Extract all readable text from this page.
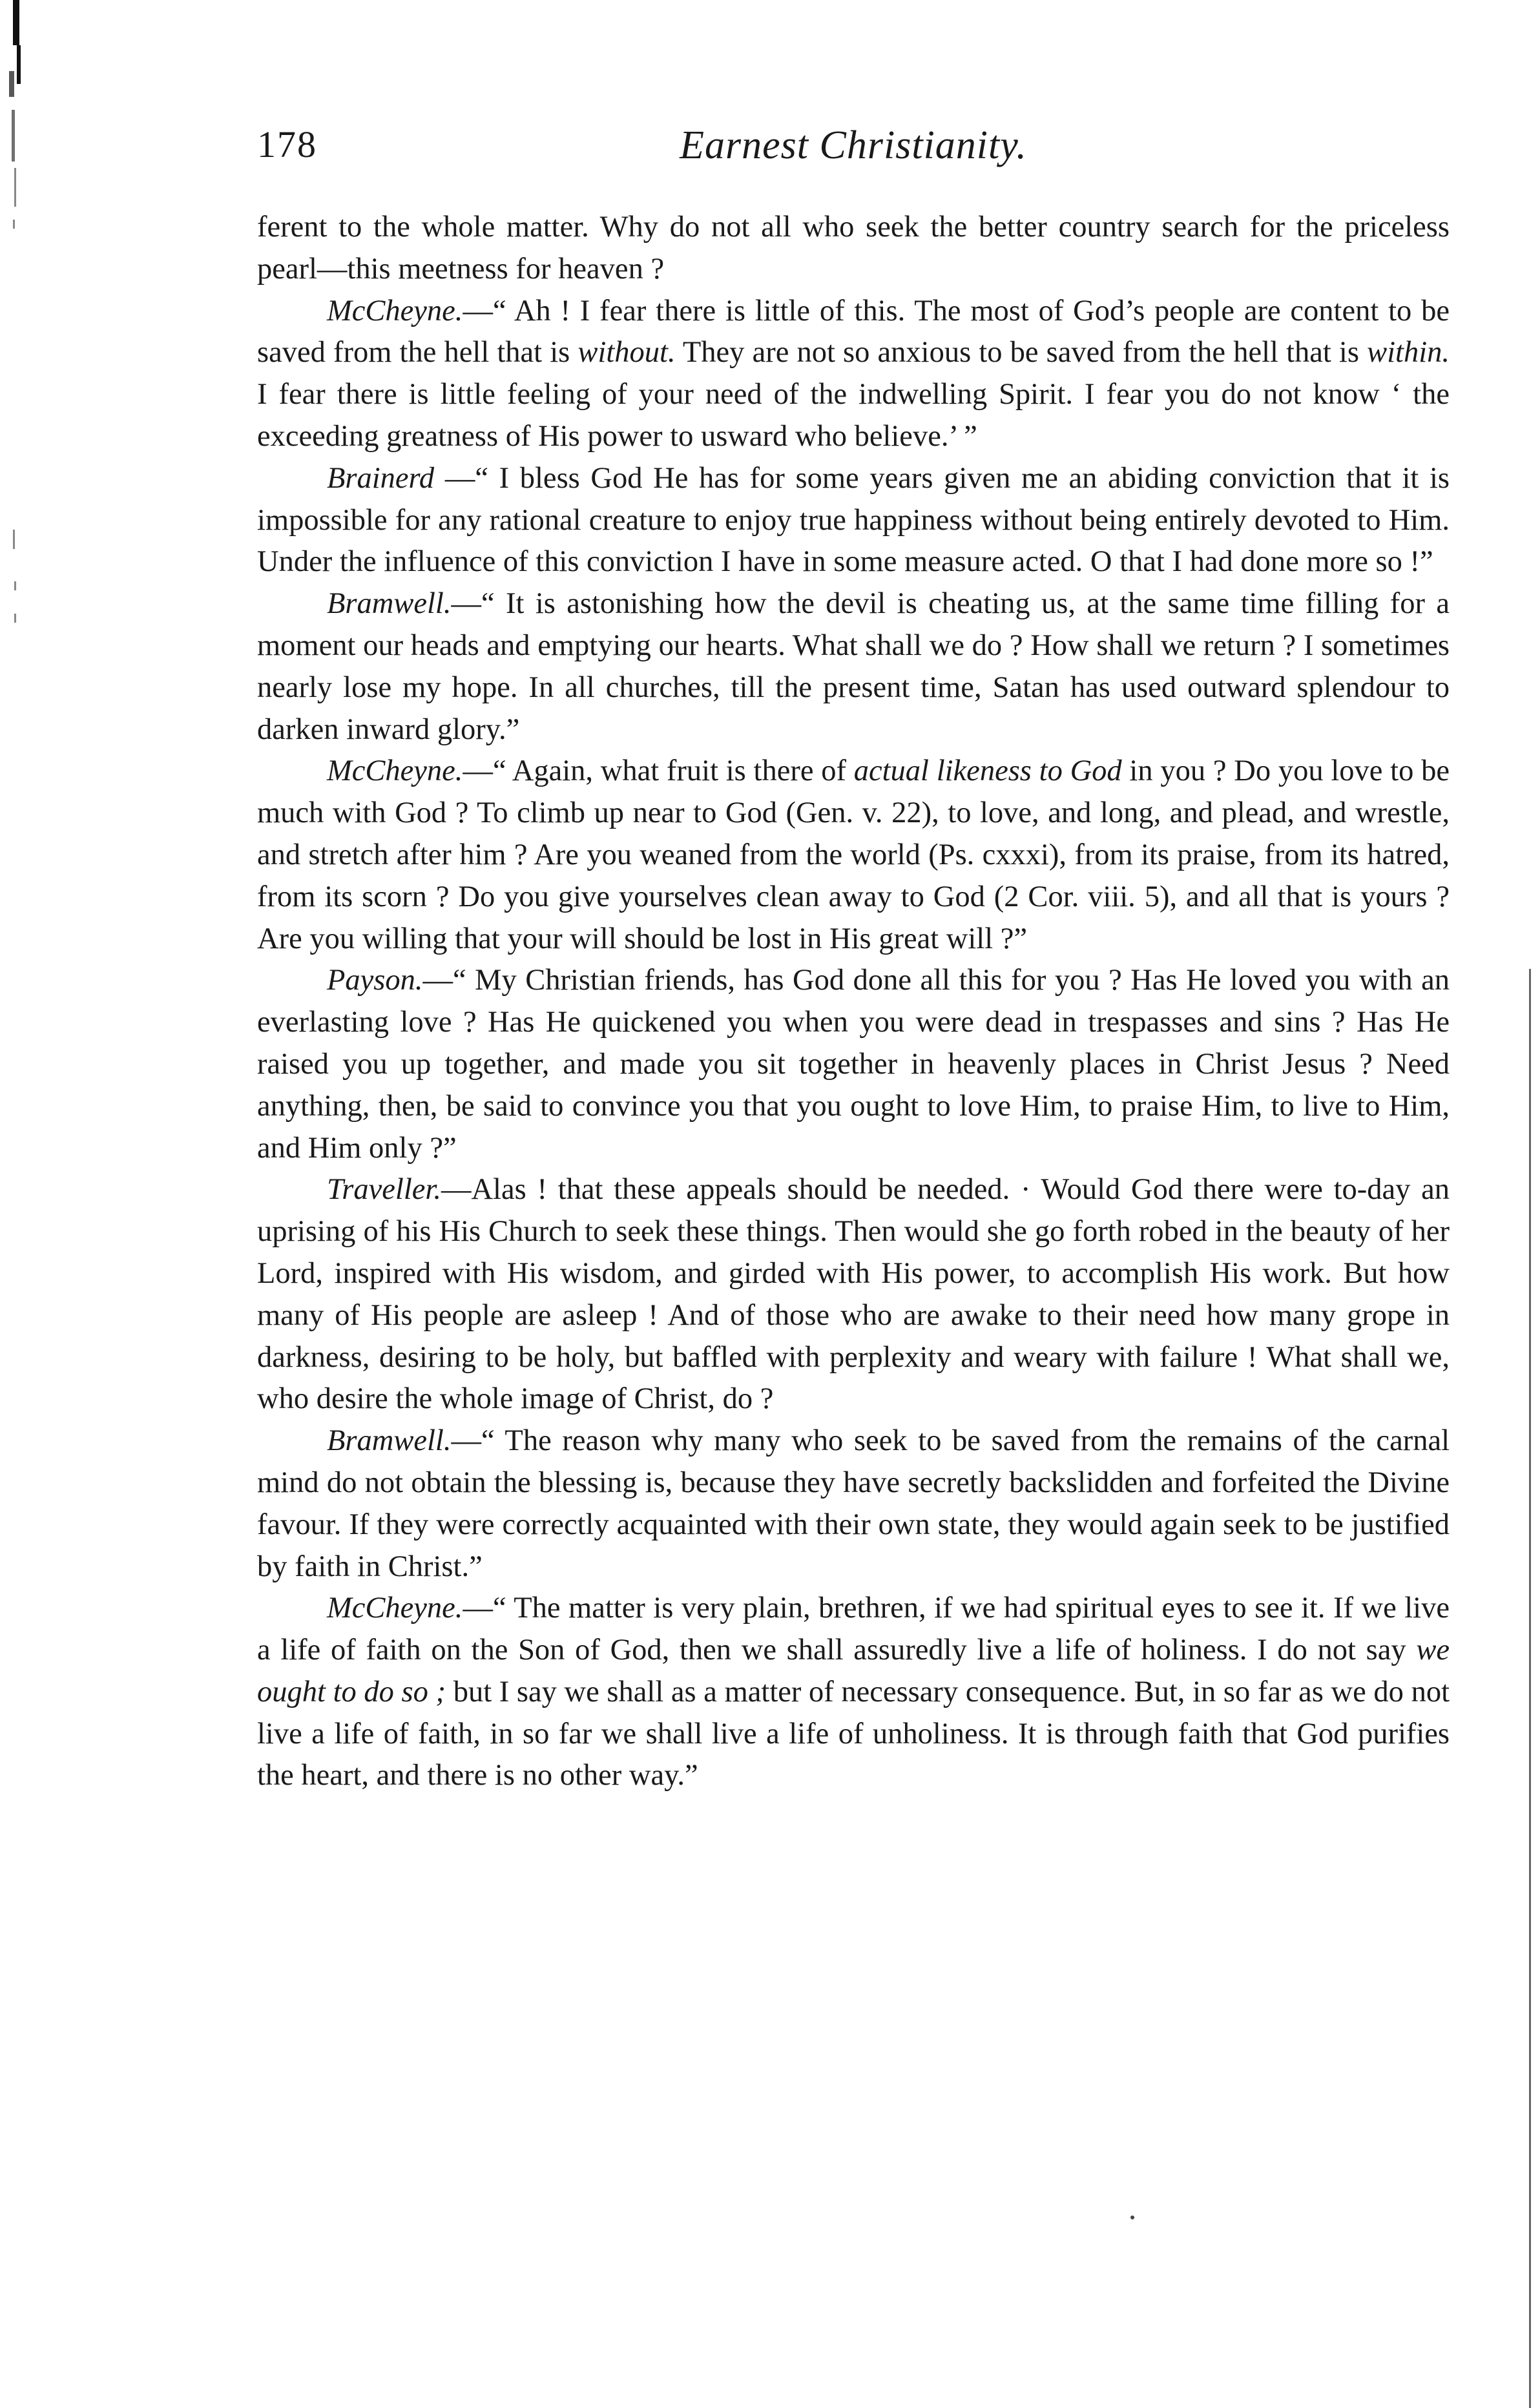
178	Earnest Christianity.

ferent to the whole matter. Why do not all who seek the better country search for the priceless pearl—this meetness for heaven ?

McCheyne.—“ Ah ! I fear there is little of this. The most of God’s people are content to be saved from the hell that is without. They are not so anxious to be saved from the hell that is within. I fear there is little feeling of your need of the indwelling Spirit. I fear you do not know ‘ the exceeding greatness of His power to usward who believe.’ ”

Brainerd —“ I bless God He has for some years given me an abiding conviction that it is impossible for any rational creature to enjoy true happiness without being entirely devoted to Him. Under the influence of this conviction I have in some measure acted. O that I had done more so !”

Bramwell.—“ It is astonishing how the devil is cheating us, at the same time filling for a moment our heads and emptying our hearts. What shall we do ? How shall we return ? I sometimes nearly lose my hope. In all churches, till the present time, Satan has used outward splendour to darken inward glory.”

McCheyne.—“ Again, what fruit is there of actual likeness to God in you ? Do you love to be much with God ? To climb up near to God (Gen. v. 22), to love, and long, and plead, and wrestle, and stretch after him ? Are you weaned from the world (Ps. cxxxi), from its praise, from its hatred, from its scorn ? Do you give yourselves clean away to God (2 Cor. viii. 5), and all that is yours ? Are you willing that your will should be lost in His great will ?”

Payson.—“ My Christian friends, has God done all this for you ? Has He loved you with an everlasting love ? Has He quickened you when you were dead in trespasses and sins ? Has He raised you up together, and made you sit together in heavenly places in Christ Jesus ? Need anything, then, be said to convince you that you ought to love Him, to praise Him, to live to Him, and Him only ?”

Traveller.—Alas ! that these appeals should be needed. · Would God there were to-day an uprising of his His Church to seek these things. Then would she go forth robed in the beauty of her Lord, inspired with His wisdom, and girded with His power, to accomplish His work. But how many of His people are asleep ! And of those who are awake to their need how many grope in darkness, desiring to be holy, but baffled with perplexity and weary with failure ! What shall we, who desire the whole image of Christ, do ?

Bramwell.—“ The reason why many who seek to be saved from the remains of the carnal mind do not obtain the blessing is, because they have secretly backslidden and forfeited the Divine favour. If they were correctly acquainted with their own state, they would again seek to be justified by faith in Christ.”

McCheyne.—“ The matter is very plain, brethren, if we had spiritual eyes to see it. If we live a life of faith on the Son of God, then we shall assuredly live a life of holiness. I do not say we ought to do so ; but I say we shall as a matter of necessary consequence. But, in so far as we do not live a life of faith, in so far we shall live a life of unholiness. It is through faith that God purifies the heart, and there is no other way.”
